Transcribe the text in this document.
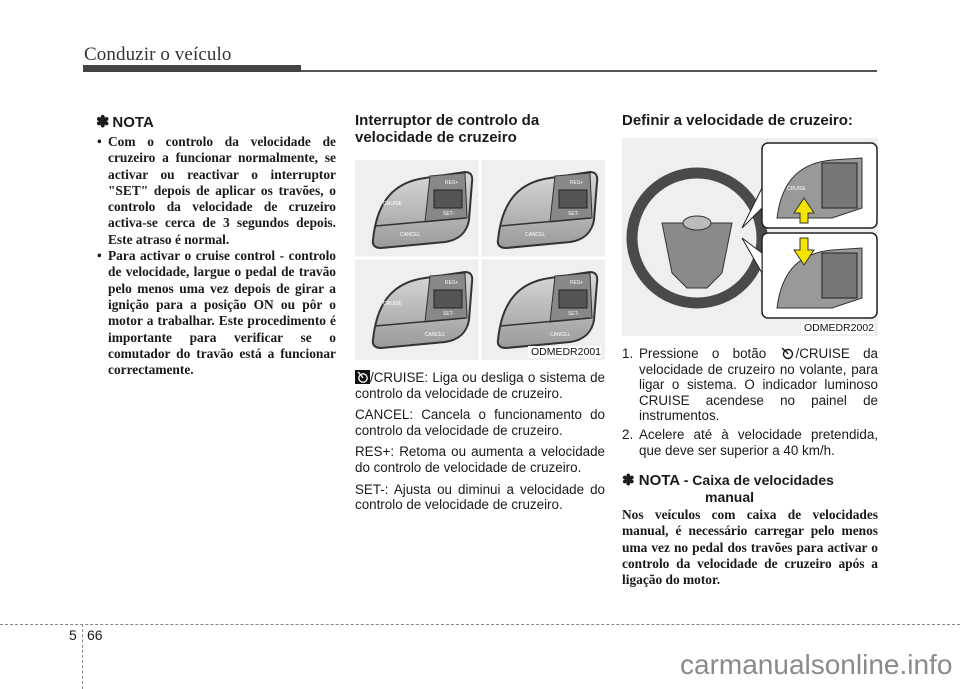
Conduzir o veículo
✽ NOTA
• Com o controlo da velocidade de cruzeiro a funcionar normalmente, se activar ou reactivar o interruptor "SET" depois de aplicar os travões, o controlo da velocidade de cruzeiro activa-se cerca de 3 segundos depois. Este atraso é normal.
• Para activar o cruise control - controlo de velocidade, largue o pedal de travão pelo menos uma vez depois de girar a ignição para a posição ON ou pôr o motor a trabalhar. Este procedimento é importante para verificar se o comutador do travão está a funcionar correctamente.
Interruptor de controlo da velocidade de cruzeiro
CRUISE
CANCEL
RES+
SET-
CANCEL
RES+
SET-
CRUISE
CANCEL
RES+
SET-
CANCEL
RES+
SET-
ODMEDR2001
/CRUISE: Liga ou desliga o sistema de controlo da velocidade de cruzeiro.
CANCEL: Cancela o funcionamento do controlo da velocidade de cruzeiro.
RES+: Retoma ou aumenta a velocidade do controlo de velocidade de cruzeiro.
SET-: Ajusta ou diminui a velocidade do controlo de velocidade de cruzeiro.
Definir a velocidade de cruzeiro:
CRUISE
ODMEDR2002
1. Pressione o botão /CRUISE da velocidade de cruzeiro no volante, para ligar o sistema. O indicador luminoso CRUISE acendese no painel de instrumentos.
2. Acelere até à velocidade pretendida, que deve ser superior a 40 km/h.
✽ NOTA - Caixa de velocidades
manual

Nos veículos com caixa de velocidades manual, é necessário carregar pelo menos uma vez no pedal dos travões para activar o controlo da velocidade de cruzeiro após a ligação do motor.

5 66
carmanualsonline.info
